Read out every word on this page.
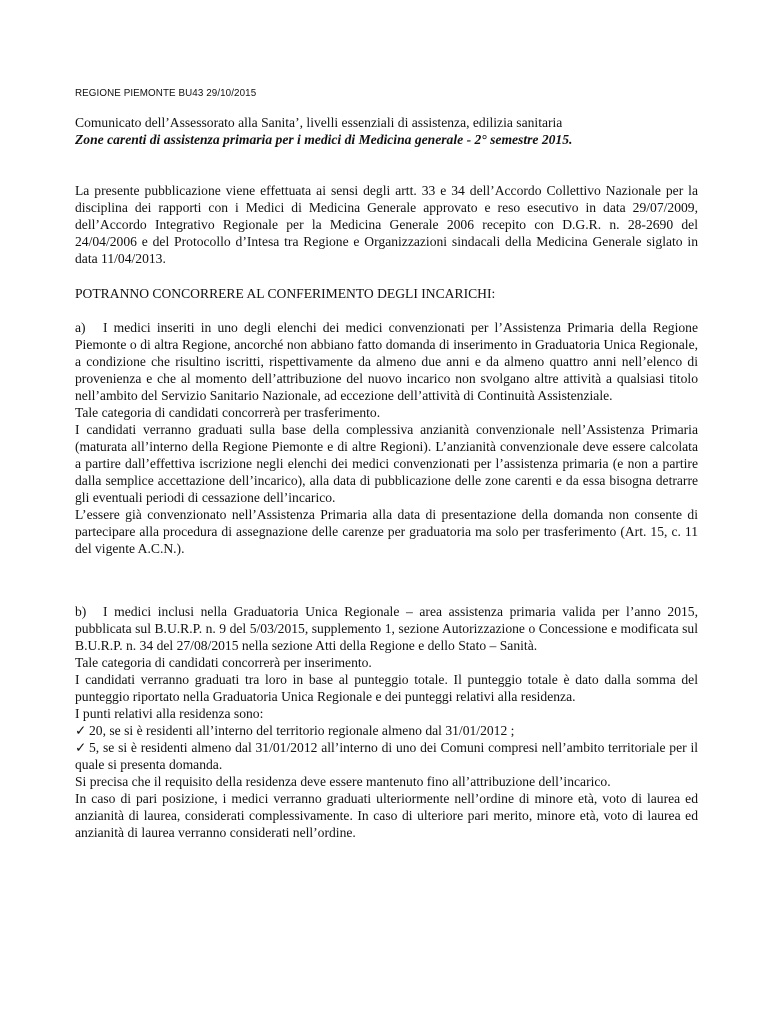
REGIONE PIEMONTE BU43 29/10/2015
Comunicato dell’Assessorato alla Sanita’, livelli essenziali di assistenza, edilizia sanitaria
Zone carenti di assistenza primaria per i medici di Medicina generale - 2° semestre 2015.

La presente pubblicazione viene effettuata ai sensi degli artt. 33 e 34 dell’Accordo Collettivo Nazionale per la disciplina dei rapporti con i Medici di Medicina Generale approvato e reso esecutivo in data 29/07/2009, dell’Accordo Integrativo Regionale per la Medicina Generale 2006 recepito con D.G.R. n. 28-2690 del 24/04/2006 e del Protocollo d’Intesa tra Regione e Organizzazioni sindacali della Medicina Generale siglato in data 11/04/2013.

POTRANNO CONCORRERE AL CONFERIMENTO DEGLI INCARICHI:

a) I medici inseriti in uno degli elenchi dei medici convenzionati per l’Assistenza Primaria della Regione Piemonte o di altra Regione, ancorché non abbiano fatto domanda di inserimento in Graduatoria Unica Regionale, a condizione che risultino iscritti, rispettivamente da almeno due anni e da almeno quattro anni nell’elenco di provenienza e che al momento dell’attribuzione del nuovo incarico non svolgano altre attività a qualsiasi titolo nell’ambito del Servizio Sanitario Nazionale, ad eccezione dell’attività di Continuità Assistenziale.

Tale categoria di candidati concorrerà per trasferimento.

I candidati verranno graduati sulla base della complessiva anzianità convenzionale nell’Assistenza Primaria (maturata all’interno della Regione Piemonte e di altre Regioni). L’anzianità convenzionale deve essere calcolata a partire dall’effettiva iscrizione negli elenchi dei medici convenzionati per l’assistenza primaria (e non a partire dalla semplice accettazione dell’incarico), alla data di pubblicazione delle zone carenti e da essa bisogna detrarre gli eventuali periodi di cessazione dell’incarico.

L’essere già convenzionato nell’Assistenza Primaria alla data di presentazione della domanda non consente di partecipare alla procedura di assegnazione delle carenze per graduatoria ma solo per trasferimento (Art. 15, c. 11 del vigente A.C.N.).

b) I medici inclusi nella Graduatoria Unica Regionale – area assistenza primaria valida per l’anno 2015, pubblicata sul B.U.R.P. n. 9 del 5/03/2015, supplemento 1, sezione Autorizzazione o Concessione e modificata sul B.U.R.P. n. 34 del 27/08/2015 nella sezione Atti della Regione e dello Stato – Sanità.

Tale categoria di candidati concorrerà per inserimento.

I candidati verranno graduati tra loro in base al punteggio totale. Il punteggio totale è dato dalla somma del punteggio riportato nella Graduatoria Unica Regionale e dei punteggi relativi alla residenza.

I punti relativi alla residenza sono:

✓ 20, se si è residenti all’interno del territorio regionale almeno dal 31/01/2012 ;

✓ 5, se si è residenti almeno dal 31/01/2012 all’interno di uno dei Comuni compresi nell’ambito territoriale per il quale si presenta domanda.

Si precisa che il requisito della residenza deve essere mantenuto fino all’attribuzione dell’incarico.

In caso di pari posizione, i medici verranno graduati ulteriormente nell’ordine di minore età, voto di laurea ed anzianità di laurea, considerati complessivamente. In caso di ulteriore pari merito, minore età, voto di laurea ed anzianità di laurea verranno considerati nell’ordine.
